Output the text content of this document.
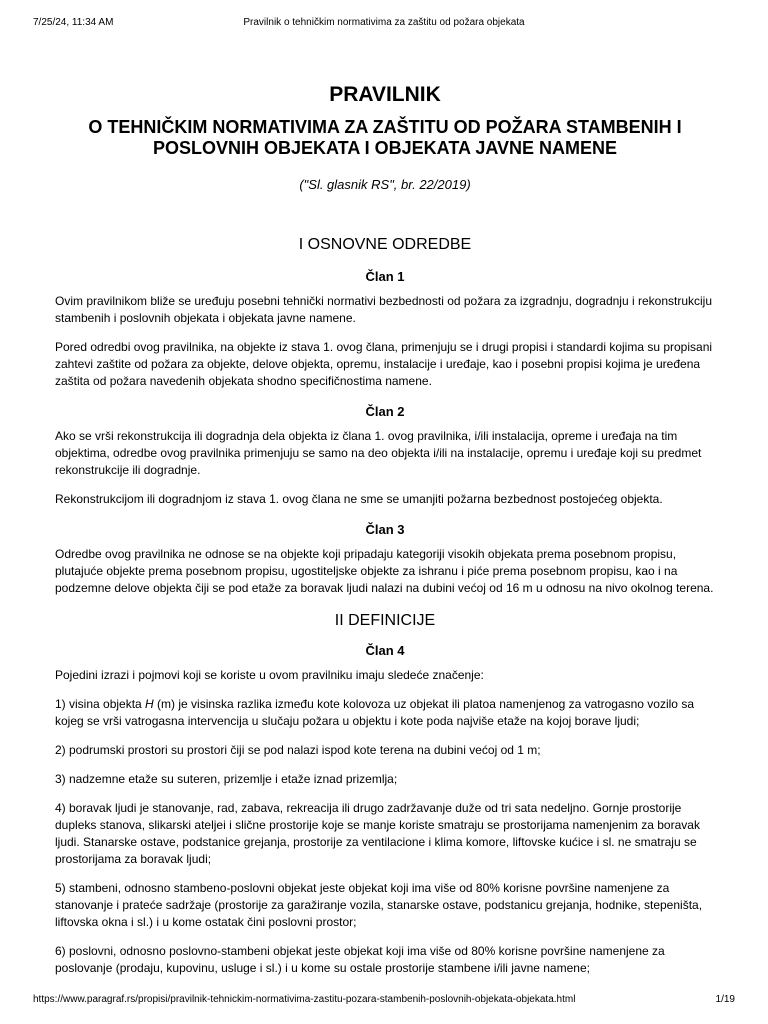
7/25/24, 11:34 AM	Pravilnik o tehničkim normativima za zaštitu od požara objekata
PRAVILNIK
O TEHNIČKIM NORMATIVIMA ZA ZAŠTITU OD POŽARA STAMBENIH I POSLOVNIH OBJEKATA I OBJEKATA JAVNE NAMENE
("Sl. glasnik RS", br. 22/2019)
I OSNOVNE ODREDBE
Član 1

Ovim pravilnikom bliže se uređuju posebni tehnički normativi bezbednosti od požara za izgradnju, dogradnju i rekonstrukciju stambenih i poslovnih objekata i objekata javne namene.

Pored odredbi ovog pravilnika, na objekte iz stava 1. ovog člana, primenjuju se i drugi propisi i standardi kojima su propisani zahtevi zaštite od požara za objekte, delove objekta, opremu, instalacije i uređaje, kao i posebni propisi kojima je uređena zaštita od požara navedenih objekata shodno specifičnostima namene.

Član 2

Ako se vrši rekonstrukcija ili dogradnja dela objekta iz člana 1. ovog pravilnika, i/ili instalacija, opreme i uređaja na tim objektima, odredbe ovog pravilnika primenjuju se samo na deo objekta i/ili na instalacije, opremu i uređaje koji su predmet rekonstrukcije ili dogradnje.

Rekonstrukcijom ili dogradnjom iz stava 1. ovog člana ne sme se umanjiti požarna bezbednost postojećeg objekta.

Član 3

Odredbe ovog pravilnika ne odnose se na objekte koji pripadaju kategoriji visokih objekata prema posebnom propisu, plutajuće objekte prema posebnom propisu, ugostiteljske objekte za ishranu i piće prema posebnom propisu, kao i na podzemne delove objekta čiji se pod etaže za boravak ljudi nalazi na dubini većoj od 16 m u odnosu na nivo okolnog terena.

II DEFINICIJE
Član 4

Pojedini izrazi i pojmovi koji se koriste u ovom pravilniku imaju sledeće značenje:

1) visina objekta H (m) je visinska razlika između kote kolovoza uz objekat ili platoa namenjenog za vatrogasno vozilo sa kojeg se vrši vatrogasna intervencija u slučaju požara u objektu i kote poda najviše etaže na kojoj borave ljudi;

2) podrumski prostori su prostori čiji se pod nalazi ispod kote terena na dubini većoj od 1 m;

3) nadzemne etaže su suteren, prizemlje i etaže iznad prizemlja;

4) boravak ljudi je stanovanje, rad, zabava, rekreacija ili drugo zadržavanje duže od tri sata nedeljno. Gornje prostorije dupleks stanova, slikarski ateljei i slične prostorije koje se manje koriste smatraju se prostorijama namenjenim za boravak ljudi. Stanarske ostave, podstanice grejanja, prostorije za ventilacione i klima komore, liftovske kućice i sl. ne smatraju se prostorijama za boravak ljudi;

5) stambeni, odnosno stambeno-poslovni objekat jeste objekat koji ima više od 80% korisne površine namenjene za stanovanje i prateće sadržaje (prostorije za garažiranje vozila, stanarske ostave, podstanicu grejanja, hodnike, stepeništa, liftovska okna i sl.) i u kome ostatak čini poslovni prostor;

6) poslovni, odnosno poslovno-stambeni objekat jeste objekat koji ima više od 80% korisne površine namenjene za poslovanje (prodaju, kupovinu, usluge i sl.) i u kome su ostale prostorije stambene i/ili javne namene;

https://www.paragraf.rs/propisi/pravilnik-tehnickim-normativima-zastitu-pozara-stambenih-poslovnih-objekata-objekata.html	1/19
